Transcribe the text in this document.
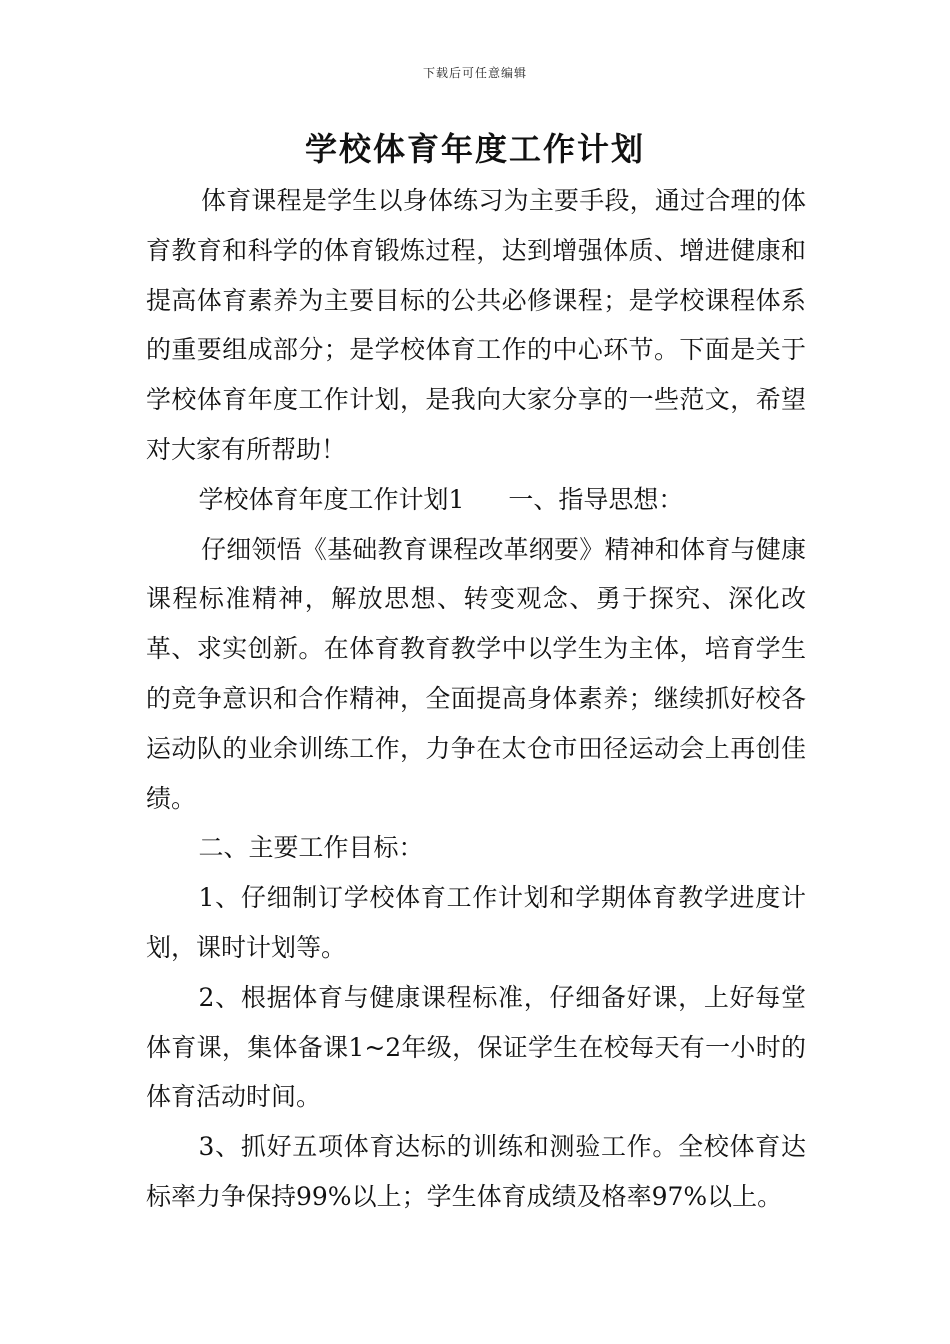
下载后可任意编辑
学校体育年度工作计划

体育课程是学生以身体练习为主要手段，通过合理的体育教育和科学的体育锻炼过程，达到增强体质、增进健康和提高体育素养为主要目标的公共必修课程；是学校课程体系的重要组成部分；是学校体育工作的中心环节。下面是关于学校体育年度工作计划，是我向大家分享的一些范文，希望对大家有所帮助！

学校体育年度工作计划1 一、指导思想：

仔细领悟《基础教育课程改革纲要》精神和体育与健康课程标准精神，解放思想、转变观念、勇于探究、深化改革、求实创新。在体育教育教学中以学生为主体，培育学生的竞争意识和合作精神，全面提高身体素养；继续抓好校各运动队的业余训练工作，力争在太仓市田径运动会上再创佳绩。

二、主要工作目标：

1、仔细制订学校体育工作计划和学期体育教学进度计划，课时计划等。

2、根据体育与健康课程标准，仔细备好课，上好每堂体育课，集体备课1~2年级，保证学生在校每天有一小时的体育活动时间。

3、抓好五项体育达标的训练和测验工作。全校体育达标率力争保持99%以上；学生体育成绩及格率97%以上。
